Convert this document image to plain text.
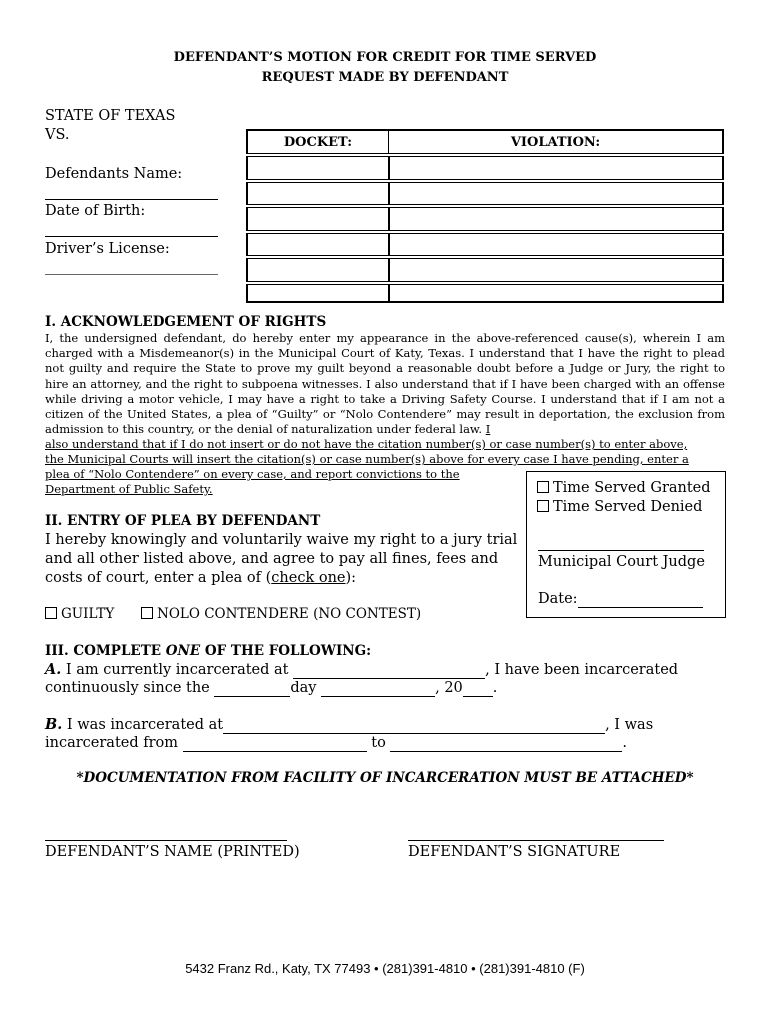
DEFENDANT’S MOTION FOR CREDIT FOR TIME SERVED
REQUEST MADE BY DEFENDANT
STATE OF TEXAS
VS.
Defendants Name:
Date of Birth:
Driver’s License:
DOCKET:	VIOLATION:

I. ACKNOWLEDGEMENT OF RIGHTS
I, the undersigned defendant, do hereby enter my appearance in the above-referenced cause(s), wherein I am charged with a Misdemeanor(s) in the Municipal Court of Katy, Texas. I understand that I have the right to plead not guilty and require the State to prove my guilt beyond a reasonable doubt before a Judge or Jury, the right to hire an attorney, and the right to subpoena witnesses. I also understand that if I have been charged with an offense while driving a motor vehicle, I may have a right to take a Driving Safety Course. I understand that if I am not a citizen of the United States, a plea of “Guilty” or “Nolo Contendere” may result in deportation, the exclusion from admission to this country, or the denial of naturalization under federal law. I
also understand that if I do not insert or do not have the citation number(s) or case number(s) to enter above,
the Municipal Courts will insert the citation(s) or case number(s) above for every case I have pending, enter a
plea of “Nolo Contendere” on every case, and report convictions to the
Department of Public Safety.	Time Served Granted
Time Served Denied
Municipal Court Judge
Date:
II. ENTRY OF PLEA BY DEFENDANT
I hereby knowingly and voluntarily waive my right to a jury trial
and all other listed above, and agree to pay all fines, fees and
costs of court, enter a plea of (check one):
GUILTY	NOLO CONTENDERE (NO CONTEST)
III. COMPLETE ONE OF THE FOLLOWING:
A. I am currently incarcerated at	, I have been incarcerated
continuously since the	day	, 20 .
B. I was incarcerated at	, I was
incarcerated from	to	.
*DOCUMENTATION FROM FACILITY OF INCARCERATION MUST BE ATTACHED*
DEFENDANT’S NAME (PRINTED)	DEFENDANT’S SIGNATURE
5432 Franz Rd., Katy, TX 77493 • (281)391-4810 • (281)391-4810 (F)
